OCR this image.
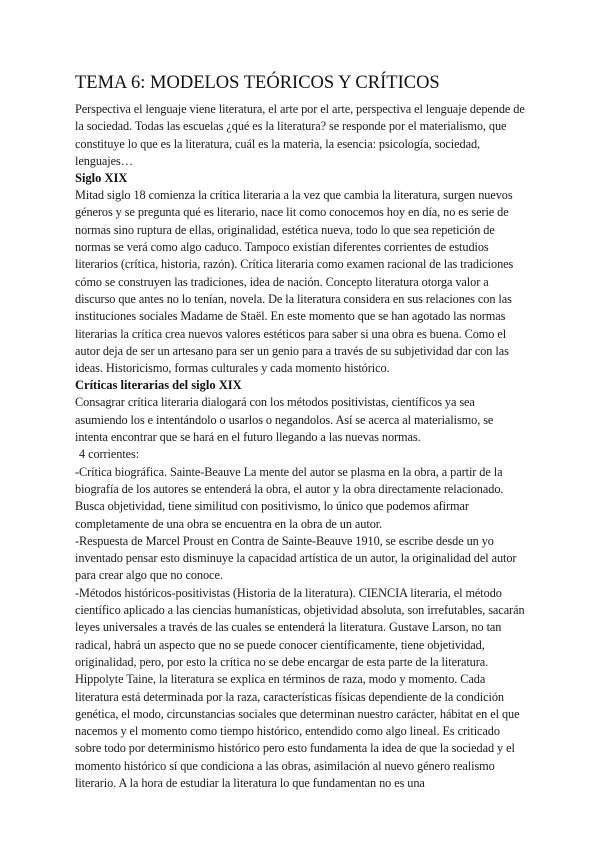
TEMA 6: MODELOS TEÓRICOS Y CRÍTICOS

Perspectiva el lenguaje viene literatura, el arte por el arte, perspectiva el lenguaje depende de la sociedad. Todas las escuelas ¿qué es la literatura? se responde por el materialismo, que constituye lo que es la literatura, cuál es la materia, la esencia: psicología, sociedad, lenguajes…

Siglo XIX

Mitad siglo 18 comienza la crítica literaria a la vez que cambia la literatura, surgen nuevos géneros y se pregunta qué es literario, nace lit como conocemos hoy en día, no es serie de normas sino ruptura de ellas, originalidad, estética nueva, todo lo que sea repetición de normas se verá como algo caduco. Tampoco existían diferentes corrientes de estudios literarios (crítica, historia, razón). Crítica literaria como examen racional de las tradiciones cómo se construyen las tradiciones, idea de nación. Concepto literatura otorga valor a discurso que antes no lo tenían, novela. De la literatura considera en sus relaciones con las instituciones sociales Madame de Staël. En este momento que se han agotado las normas literarias la crítica crea nuevos valores estéticos para saber si una obra es buena. Como el autor deja de ser un artesano para ser un genio para a través de su subjetividad dar con las ideas. Historicismo, formas culturales y cada momento histórico.

Críticas literarias del siglo XIX

Consagrar crítica literaria dialogará con los métodos positivistas, científicos ya sea asumiendo los e intentándolo o usarlos o negandolos. Así se acerca al materialismo, se intenta encontrar que se hará en el futuro llegando a las nuevas normas.

4 corrientes:

-Crítica biográfica. Sainte-Beauve La mente del autor se plasma en la obra, a partir de la biografía de los autores se entenderá la obra, el autor y la obra directamente relacionado. Busca objetividad, tiene similitud con positivismo, lo único que podemos afirmar completamente de una obra se encuentra en la obra de un autor.

-Respuesta de Marcel Proust en Contra de Sainte-Beauve 1910, se escribe desde un yo inventado pensar esto disminuye la capacidad artística de un autor, la originalidad del autor para crear algo que no conoce.

-Métodos históricos-positivistas (Historia de la literatura). CIENCIA literaria, el método científico aplicado a las ciencias humanísticas, objetividad absoluta, son irrefutables, sacarán leyes universales a través de las cuales se entenderá la literatura. Gustave Larson, no tan radical, habrá un aspecto que no se puede conocer científicamente, tiene objetividad, originalidad, pero, por esto la crítica no se debe encargar de esta parte de la literatura. Hippolyte Taine, la literatura se explica en términos de raza, modo y momento. Cada literatura está determinada por la raza, características físicas dependiente de la condición genética, el modo, circunstancias sociales que determinan nuestro carácter, hábitat en el que nacemos y el momento como tiempo histórico, entendido como algo lineal. Es criticado sobre todo por determinismo histórico pero esto fundamenta la idea de que la sociedad y el momento histórico sí que condiciona a las obras, asimilación al nuevo género realismo literario. A la hora de estudiar la literatura lo que fundamentan no es una
